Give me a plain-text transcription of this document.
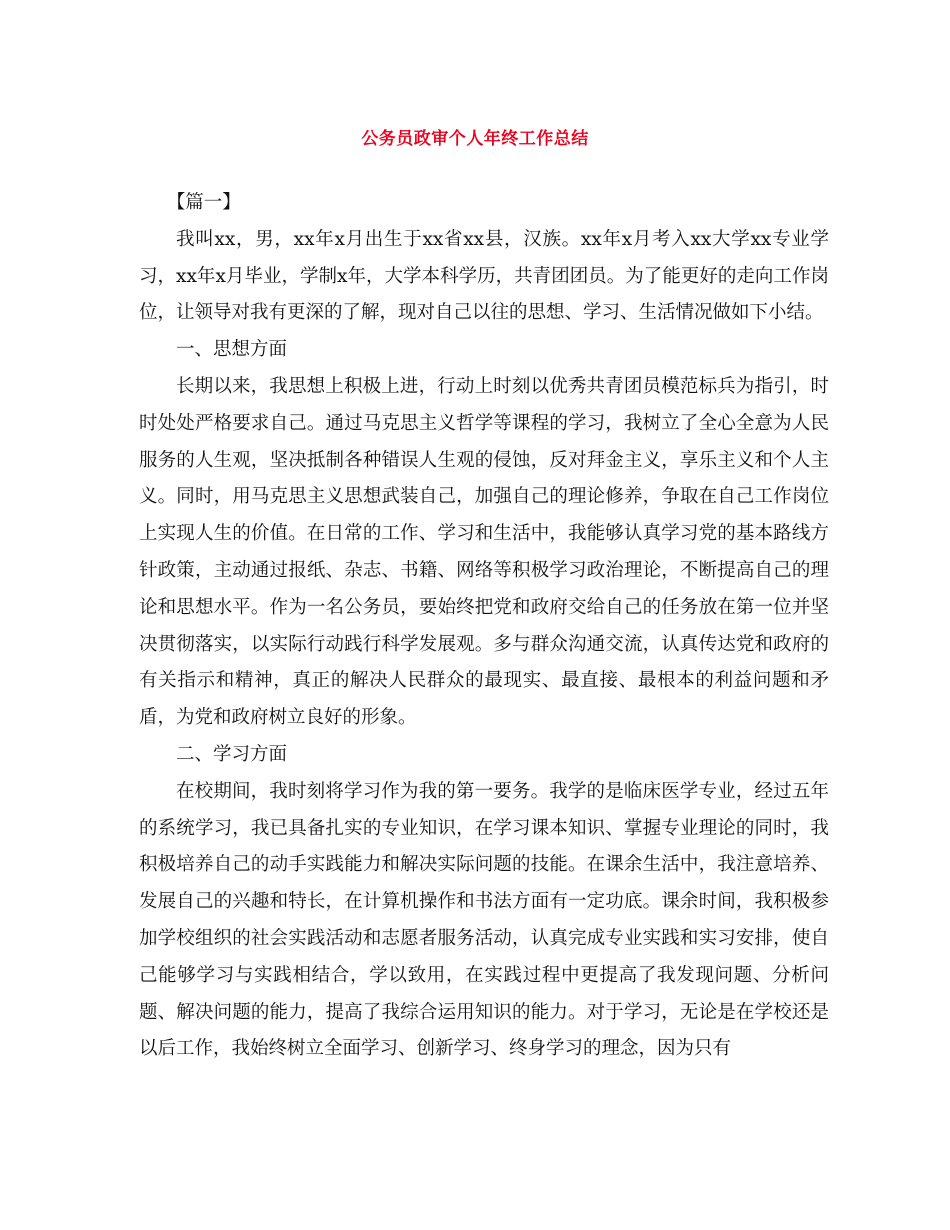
公务员政审个人年终工作总结

【篇一】

我叫xx，男，xx年x月出生于xx省xx县，汉族。xx年x月考入xx大学xx专业学习，xx年x月毕业，学制x年，大学本科学历，共青团团员。为了能更好的走向工作岗位，让领导对我有更深的了解，现对自己以往的思想、学习、生活情况做如下小结。

一、思想方面

长期以来，我思想上积极上进，行动上时刻以优秀共青团员模范标兵为指引，时时处处严格要求自己。通过马克思主义哲学等课程的学习，我树立了全心全意为人民服务的人生观，坚决抵制各种错误人生观的侵蚀，反对拜金主义，享乐主义和个人主义。同时，用马克思主义思想武装自己，加强自己的理论修养，争取在自己工作岗位上实现人生的价值。在日常的工作、学习和生活中，我能够认真学习党的基本路线方针政策，主动通过报纸、杂志、书籍、网络等积极学习政治理论，不断提高自己的理论和思想水平。作为一名公务员，要始终把党和政府交给自己的任务放在第一位并坚决贯彻落实，以实际行动践行科学发展观。多与群众沟通交流，认真传达党和政府的有关指示和精神，真正的解决人民群众的最现实、最直接、最根本的利益问题和矛盾，为党和政府树立良好的形象。

二、学习方面

在校期间，我时刻将学习作为我的第一要务。我学的是临床医学专业，经过五年的系统学习，我已具备扎实的专业知识，在学习课本知识、掌握专业理论的同时，我积极培养自己的动手实践能力和解决实际问题的技能。在课余生活中，我注意培养、发展自己的兴趣和特长，在计算机操作和书法方面有一定功底。课余时间，我积极参加学校组织的社会实践活动和志愿者服务活动，认真完成专业实践和实习安排，使自己能够学习与实践相结合，学以致用，在实践过程中更提高了我发现问题、分析问题、解决问题的能力，提高了我综合运用知识的能力。对于学习，无论是在学校还是以后工作，我始终树立全面学习、创新学习、终身学习的理念，因为只有
